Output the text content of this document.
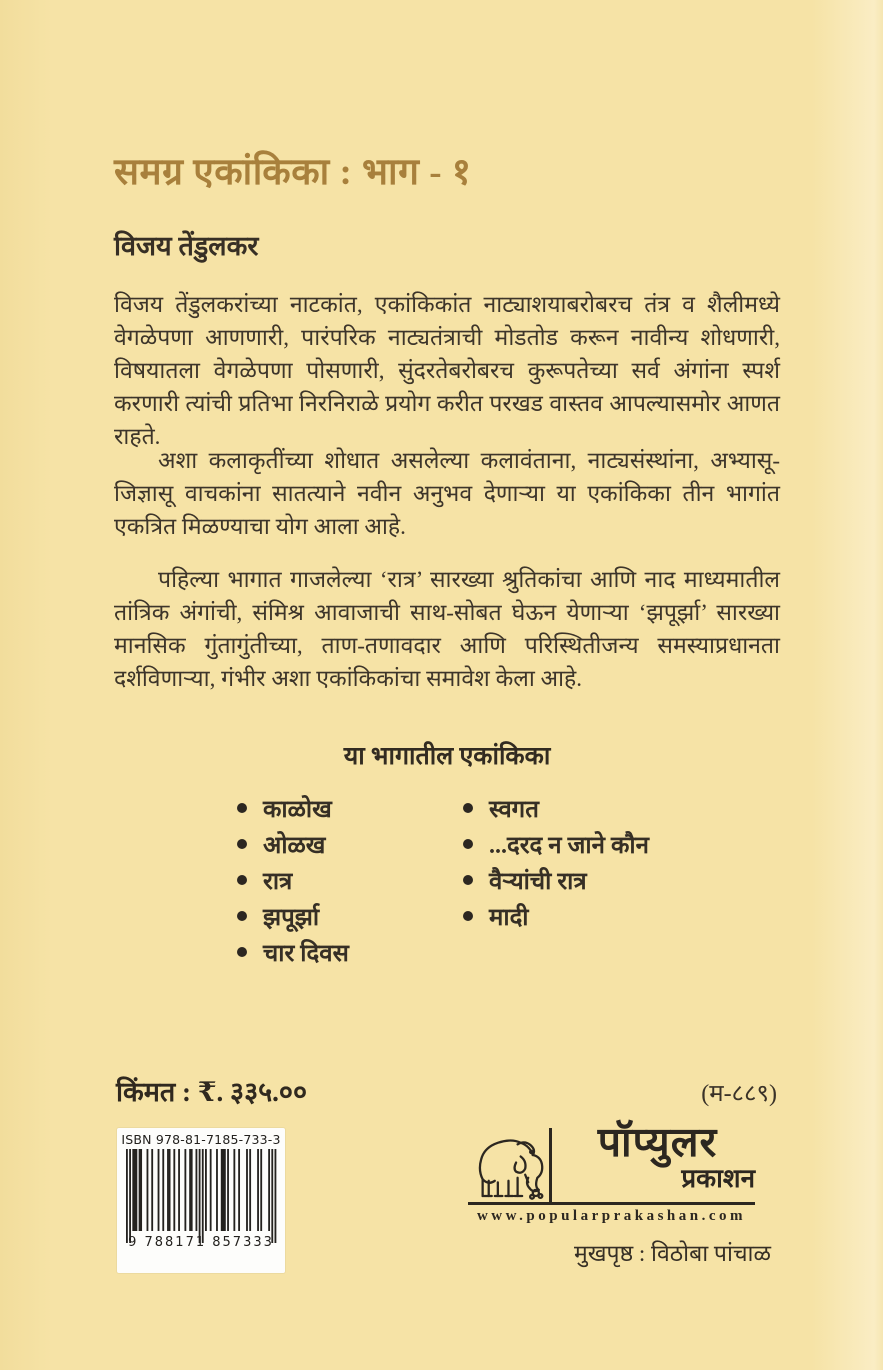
समग्र एकांकिका : भाग - १
विजय तेंडुलकर

विजय तेंडुलकरांच्या नाटकांत, एकांकिकांत नाट्याशयाबरोबरच तंत्र व शैलीमध्ये वेगळेपणा आणणारी, पारंपरिक नाट्यतंत्राची मोडतोड करून नावीन्य शोधणारी, विषयातला वेगळेपणा पोसणारी, सुंदरतेबरोबरच कुरूपतेच्या सर्व अंगांना स्पर्श करणारी त्यांची प्रतिभा निरनिराळे प्रयोग करीत परखड वास्तव आपल्यासमोर आणत राहते.

अशा कलाकृतींच्या शोधात असलेल्या कलावंताना, नाट्यसंस्थांना, अभ्यासू-जिज्ञासू वाचकांना सातत्याने नवीन अनुभव देणाऱ्या या एकांकिका तीन भागांत एकत्रित मिळण्याचा योग आला आहे.

पहिल्या भागात गाजलेल्या ‘रात्र’ सारख्या श्रुतिकांचा आणि नाद माध्यमातील तांत्रिक अंगांची, संमिश्र आवाजाची साथ-सोबत घेऊन येणाऱ्या ‘झपूर्झा’ सारख्या मानसिक गुंतागुंतीच्या, ताण-तणावदार आणि परिस्थितीजन्य समस्याप्रधानता दर्शविणाऱ्या, गंभीर अशा एकांकिकांचा समावेश केला आहे.

या भागातील एकांकिका
काळोख
ओळख
रात्र
झपूर्झा
चार दिवस
स्वगत
...दरद न जाने कौन
वैऱ्यांची रात्र
मादी
किंमत : ₹. ३३५.००	(म-८८९)
ISBN 978-81-7185-733-3
9 788171 857333
पॉप्युलर
प्रकाशन
www.popularprakashan.com
मुखपृष्ठ : विठोबा पांचाळ
